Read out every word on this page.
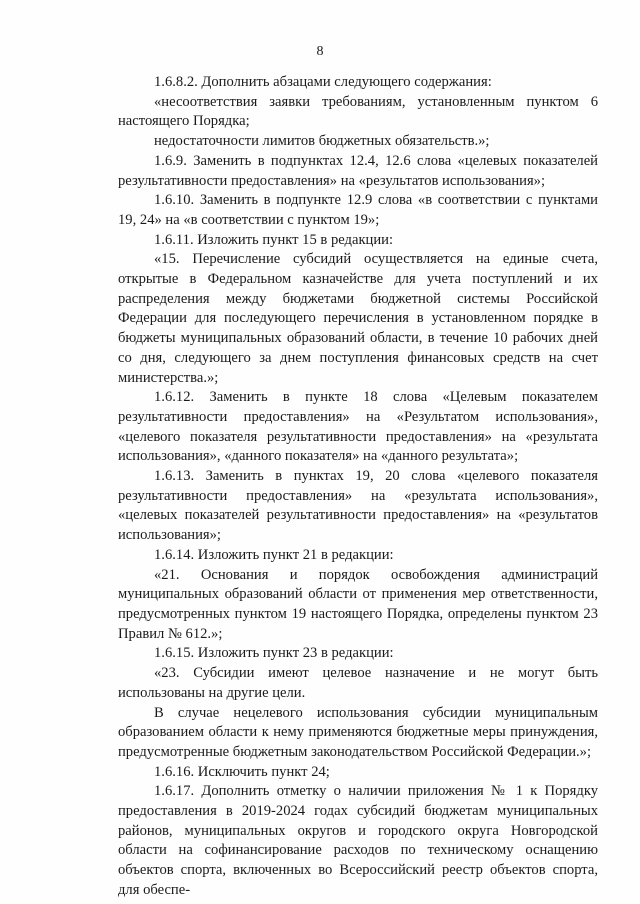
8

1.6.8.2. Дополнить абзацами следующего содержания:

«несоответствия заявки требованиям, установленным пунктом 6 настоящего Порядка;

недостаточности лимитов бюджетных обязательств.»;

1.6.9. Заменить в подпунктах 12.4, 12.6 слова «целевых показателей результативности предоставления» на «результатов использования»;

1.6.10. Заменить в подпункте 12.9 слова «в соответствии с пунктами 19, 24» на «в соответствии с пунктом 19»;

1.6.11. Изложить пункт 15 в редакции:

«15. Перечисление субсидий осуществляется на единые счета, открытые в Федеральном казначействе для учета поступлений и их распределения между бюджетами бюджетной системы Российской Федерации для последующего перечисления в установленном порядке в бюджеты муниципальных образований области, в течение 10 рабочих дней со дня, следующего за днем поступления финансовых средств на счет министерства.»;

1.6.12. Заменить в пункте 18 слова «Целевым показателем результативности предоставления» на «Результатом использования», «целевого показателя результативности предоставления» на «результата использования», «данного показателя» на «данного результата»;

1.6.13. Заменить в пунктах 19, 20 слова «целевого показателя результативности предоставления» на «результата использования», «целевых показателей результативности предоставления» на «результатов использования»;

1.6.14. Изложить пункт 21 в редакции:

«21. Основания и порядок освобождения администраций муниципальных образований области от применения мер ответственности, предусмотренных пунктом 19 настоящего Порядка, определены пунктом 23 Правил № 612.»;

1.6.15. Изложить пункт 23 в редакции:

«23. Субсидии имеют целевое назначение и не могут быть использованы на другие цели.

В случае нецелевого использования субсидии муниципальным образованием области к нему применяются бюджетные меры принуждения, предусмотренные бюджетным законодательством Российской Федерации.»;

1.6.16. Исключить пункт 24;

1.6.17. Дополнить отметку о наличии приложения № 1 к Порядку предоставления в 2019-2024 годах субсидий бюджетам муниципальных районов, муниципальных округов и городского округа Новгородской области на софинансирование расходов по техническому оснащению объектов спорта, включенных во Всероссийский реестр объектов спорта, для обеспе-
